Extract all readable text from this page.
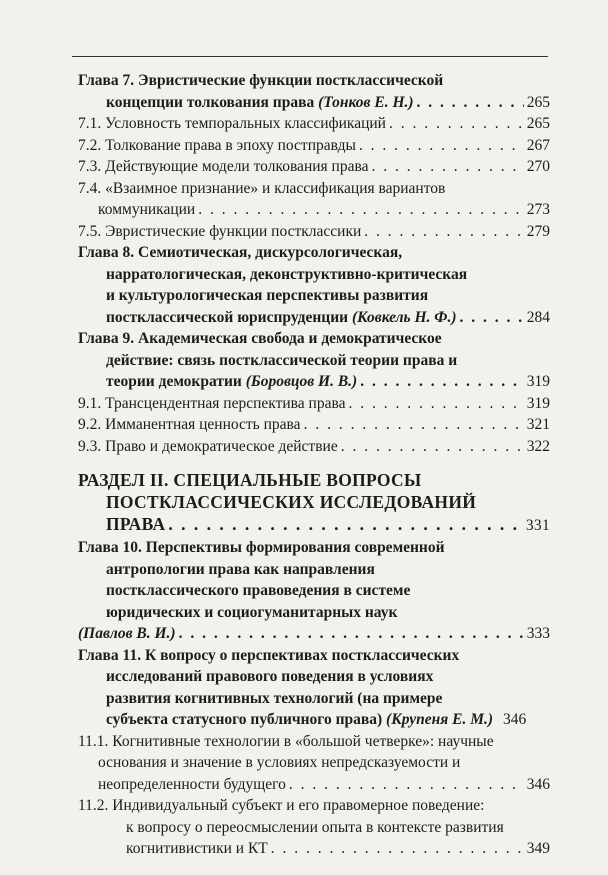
Глава 7. Эвристические функции постклассической
концепции толкования права (Тонков Е. Н.) . . .	265
7.1. Условность темпоральных классификаций . . .	265
7.2. Толкование права в эпоху постправды . . .	267
7.3. Действующие модели толкования права . . .	270
7.4. «Взаимное признание» и классификация вариантов
коммуникации . . .	273
7.5. Эвристические функции постклассики . . .	279
Глава 8. Семиотическая, дискурсологическая,
нарратологическая, деконструктивно-критическая
и культурологическая перспективы развития
постклассической юриспруденции (Ковкель Н. Ф.) . . .	284
Глава 9. Академическая свобода и демократическое
действие: связь постклассической теории права и
теории демократии (Боровцов И. В.) . . .	319
9.1. Трансцендентная перспектива права . . .	319
9.2. Имманентная ценность права . . .	321
9.3. Право и демократическое действие . . .	322
РАЗДЕЛ II. СПЕЦИАЛЬНЫЕ ВОПРОСЫ
ПОСТКЛАССИЧЕСКИХ ИССЛЕДОВАНИЙ
ПРАВА . . .	331
Глава 10. Перспективы формирования современной
антропологии права как направления
постклассического правоведения в системе
юридических и социогуманитарных наук
(Павлов В. И.) . . .	333
Глава 11. К вопросу о перспективах постклассических
исследований правового поведения в условиях
развития когнитивных технологий (на примере
субъекта статусного публичного права) (Крупеня Е. М.) 346
11.1. Когнитивные технологии в «большой четверке»: научные
основания и значение в условиях непредсказуемости и
неопределенности будущего . . .	346
11.2. Индивидуальный субъект и его правомерное поведение:
к вопросу о переосмыслении опыта в контексте развития
когнитивистики и КТ . . .	349
